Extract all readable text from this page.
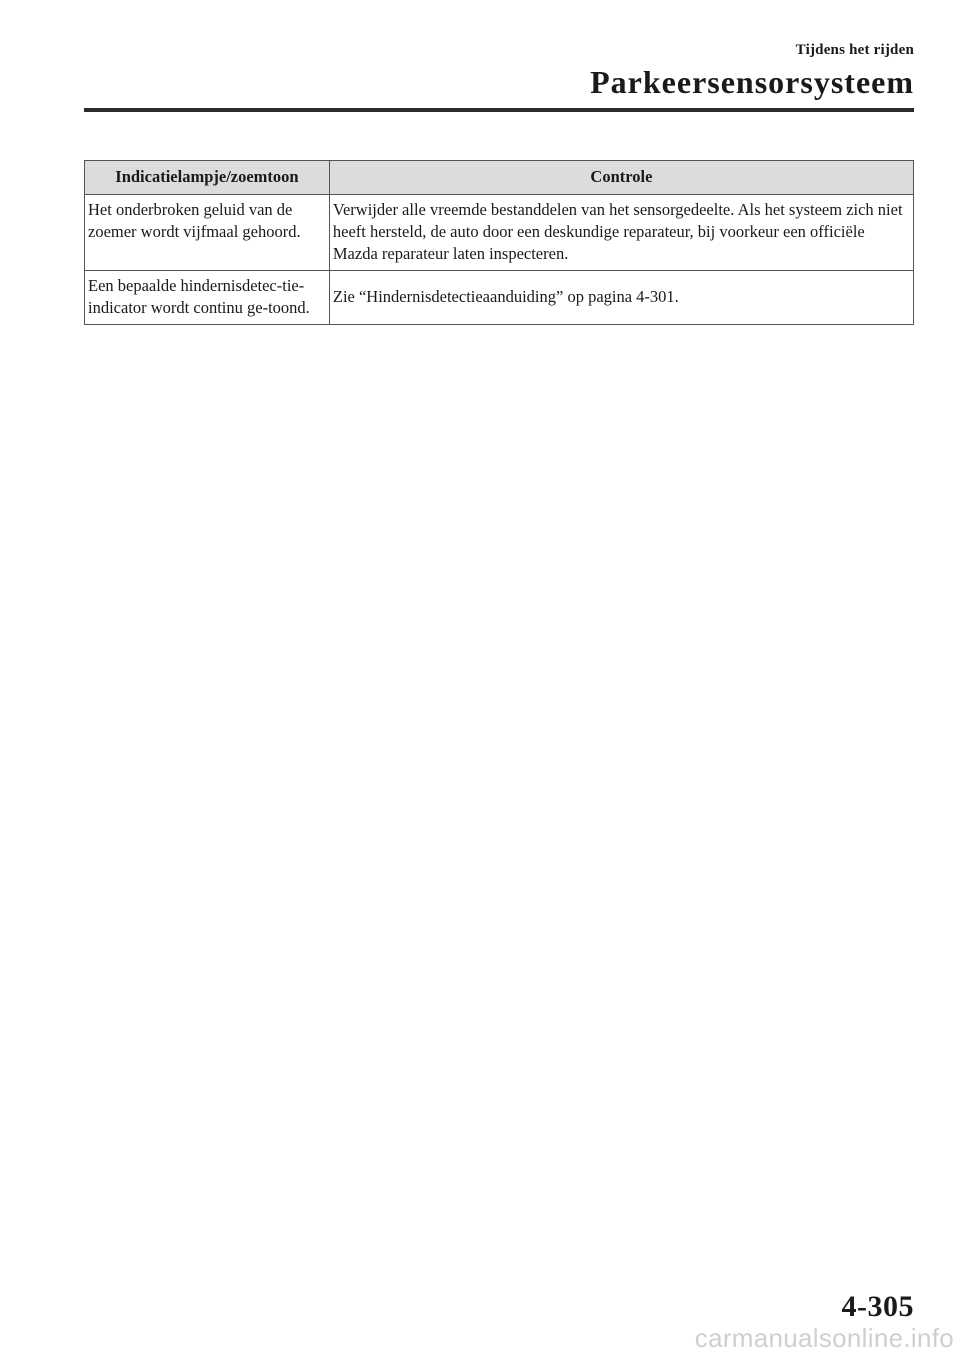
Tijdens het rijden
Parkeersensorsysteem
Indicatielampje/zoemtoon	Controle
Het onderbroken geluid van de zoemer wordt vijfmaal gehoord.	Verwijder alle vreemde bestanddelen van het sensorgedeelte. Als het systeem zich niet heeft hersteld, de auto door een deskundige reparateur, bij voorkeur een officiële Mazda reparateur laten inspecteren.
Een bepaalde hindernisdetec-tie-indicator wordt continu ge-toond.	Zie “Hindernisdetectieaanduiding” op pagina 4-301.
4-305
carmanualsonline.info
